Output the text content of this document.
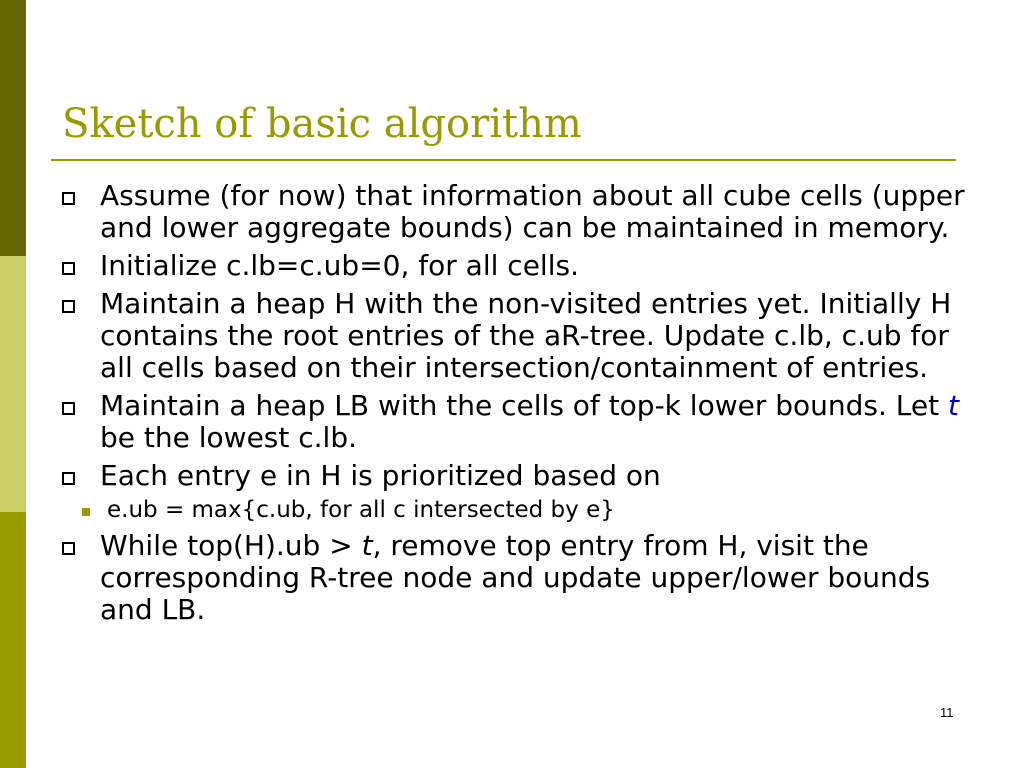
Sketch of basic algorithm
Assume (for now) that information about all cube cells (upper and lower aggregate bounds) can be maintained in memory.
Initialize c.lb=c.ub=0, for all cells.
Maintain a heap H with the non-visited entries yet. Initially H contains the root entries of the aR-tree. Update c.lb, c.ub for all cells based on their intersection/containment of entries.
Maintain a heap LB with the cells of top-k lower bounds. Let t be the lowest c.lb.
Each entry e in H is prioritized based on
e.ub = max{c.ub, for all c intersected by e}
While top(H).ub > t, remove top entry from H, visit the corresponding R-tree node and update upper/lower bounds and LB.
11
